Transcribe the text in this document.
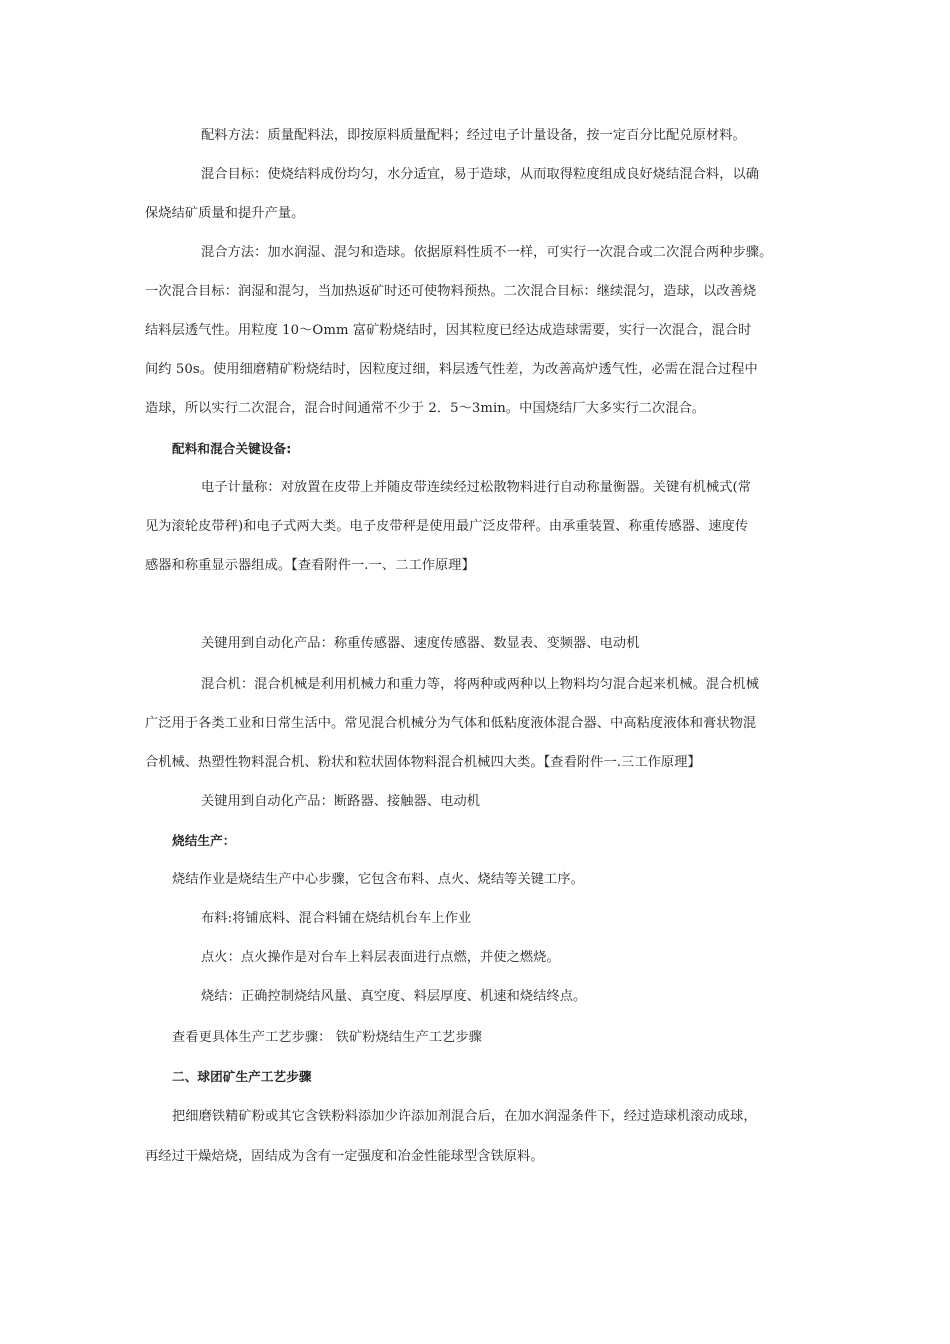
配料方法：质量配料法，即按原料质量配料；经过电子计量设备，按一定百分比配兑原材料。
混合目标：使烧结料成份均匀，水分适宜，易于造球，从而取得粒度组成良好烧结混合料，以确
保烧结矿质量和提升产量。
混合方法：加水润湿、混匀和造球。依据原料性质不一样，可实行一次混合或二次混合两种步骤。
一次混合目标：润湿和混匀，当加热返矿时还可使物料预热。二次混合目标：继续混匀，造球，以改善烧
结料层透气性。用粒度 10～Omm 富矿粉烧结时，因其粒度已经达成造球需要，实行一次混合，混合时
间约 50s。使用细磨精矿粉烧结时，因粒度过细，料层透气性差，为改善高炉透气性，必需在混合过程中
造球，所以实行二次混合，混合时间通常不少于 2．5～3min。中国烧结厂大多实行二次混合。
配料和混合关键设备:
电子计量称：对放置在皮带上并随皮带连续经过松散物料进行自动称量衡器。关键有机械式(常
见为滚轮皮带秤)和电子式两大类。电子皮带秤是使用最广泛皮带秤。由承重装置、称重传感器、速度传
感器和称重显示器组成。【查看附件一.一、二工作原理】
关键用到自动化产品：称重传感器、速度传感器、数显表、变频器、电动机
混合机：混合机械是利用机械力和重力等，将两种或两种以上物料均匀混合起来机械。混合机械
广泛用于各类工业和日常生活中。常见混合机械分为气体和低粘度液体混合器、中高粘度液体和膏状物混
合机械、热塑性物料混合机、粉状和粒状固体物料混合机械四大类。【查看附件一.三工作原理】
关键用到自动化产品：断路器、接触器、电动机
烧结生产：
烧结作业是烧结生产中心步骤，它包含布料、点火、烧结等关键工序。
布料:将铺底料、混合料铺在烧结机台车上作业
点火：点火操作是对台车上料层表面进行点燃，并使之燃烧。
烧结：正确控制烧结风量、真空度、料层厚度、机速和烧结终点。
查看更具体生产工艺步骤： 铁矿粉烧结生产工艺步骤
二、球团矿生产工艺步骤
把细磨铁精矿粉或其它含铁粉料添加少许添加剂混合后，在加水润湿条件下，经过造球机滚动成球，
再经过干燥焙烧，固结成为含有一定强度和冶金性能球型含铁原料。
